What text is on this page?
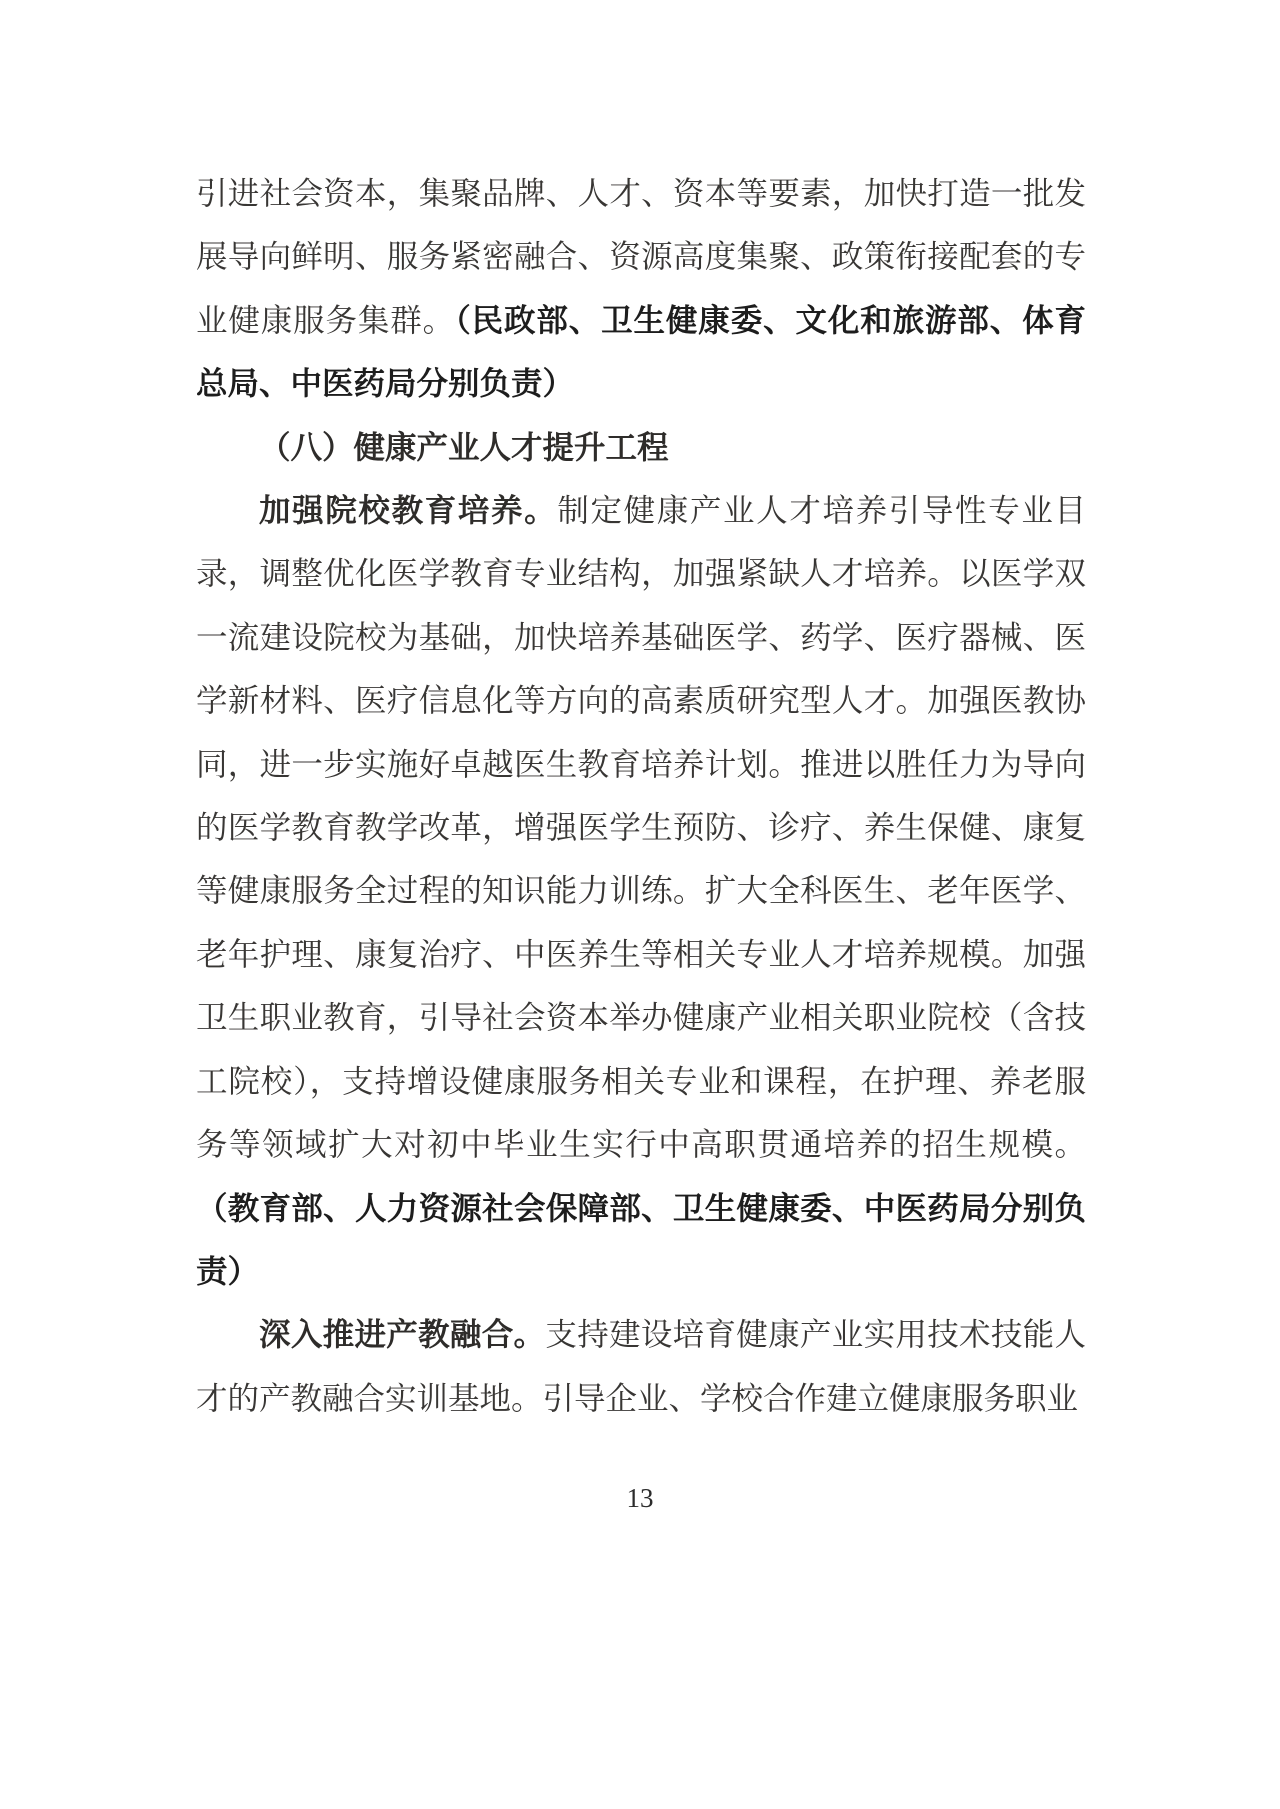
引进社会资本，集聚品牌、人才、资本等要素，加快打造一批发展导向鲜明、服务紧密融合、资源高度集聚、政策衔接配套的专业健康服务集群。（民政部、卫生健康委、文化和旅游部、体育总局、中医药局分别负责）

（八）健康产业人才提升工程

加强院校教育培养。制定健康产业人才培养引导性专业目录，调整优化医学教育专业结构，加强紧缺人才培养。以医学双一流建设院校为基础，加快培养基础医学、药学、医疗器械、医学新材料、医疗信息化等方向的高素质研究型人才。加强医教协同，进一步实施好卓越医生教育培养计划。推进以胜任力为导向的医学教育教学改革，增强医学生预防、诊疗、养生保健、康复等健康服务全过程的知识能力训练。扩大全科医生、老年医学、老年护理、康复治疗、中医养生等相关专业人才培养规模。加强卫生职业教育，引导社会资本举办健康产业相关职业院校（含技工院校），支持增设健康服务相关专业和课程，在护理、养老服务等领域扩大对初中毕业生实行中高职贯通培养的招生规模。（教育部、人力资源社会保障部、卫生健康委、中医药局分别负责）

深入推进产教融合。支持建设培育健康产业实用技术技能人才的产教融合实训基地。引导企业、学校合作建立健康服务职业

13
